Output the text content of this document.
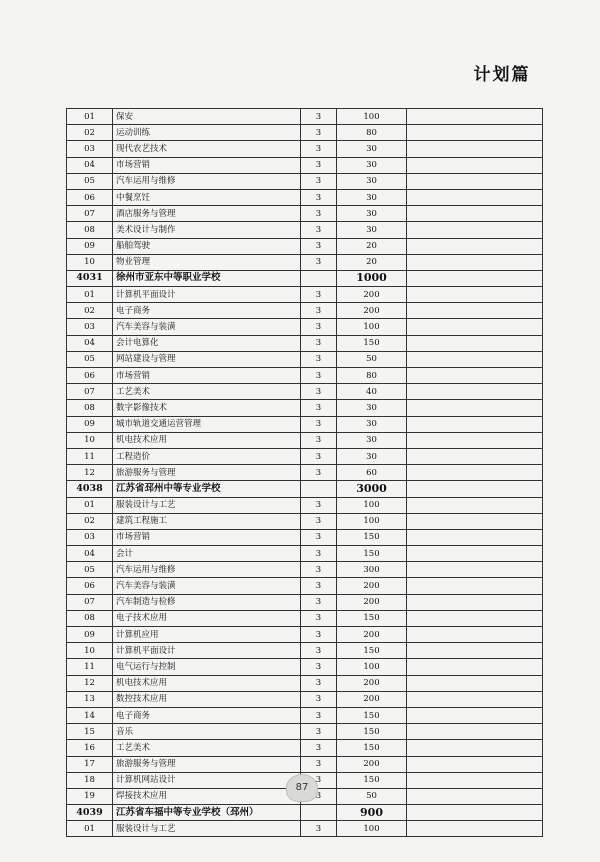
计划篇
01	保安	3	100	
02	运动训练	3	80	
03	现代农艺技术	3	30	
04	市场营销	3	30	
05	汽车运用与维修	3	30	
06	中餐烹饪	3	30	
07	酒店服务与管理	3	30	
08	美术设计与制作	3	30	
09	船舶驾驶	3	20	
10	物业管理	3	20	
4031	徐州市亚东中等职业学校		1000	
01	计算机平面设计	3	200	
02	电子商务	3	200	
03	汽车美容与装潢	3	100	
04	会计电算化	3	150	
05	网站建设与管理	3	50	
06	市场营销	3	80	
07	工艺美术	3	40	
08	数字影像技术	3	30	
09	城市轨道交通运营管理	3	30	
10	机电技术应用	3	30	
11	工程造价	3	30	
12	旅游服务与管理	3	60	
4038	江苏省邳州中等专业学校		3000	
01	服装设计与工艺	3	100	
02	建筑工程施工	3	100	
03	市场营销	3	150	
04	会计	3	150	
05	汽车运用与维修	3	300	
06	汽车美容与装潢	3	200	
07	汽车制造与检修	3	200	
08	电子技术应用	3	150	
09	计算机应用	3	200	
10	计算机平面设计	3	150	
11	电气运行与控制	3	100	
12	机电技术应用	3	200	
13	数控技术应用	3	200	
14	电子商务	3	150	
15	音乐	3	150	
16	工艺美术	3	150	
17	旅游服务与管理	3	200	
18	计算机网站设计	3	150	
19	焊接技术应用	3	50	
4039	江苏省车福中等专业学校（邳州）		900	
01	服装设计与工艺	3	100	
87
